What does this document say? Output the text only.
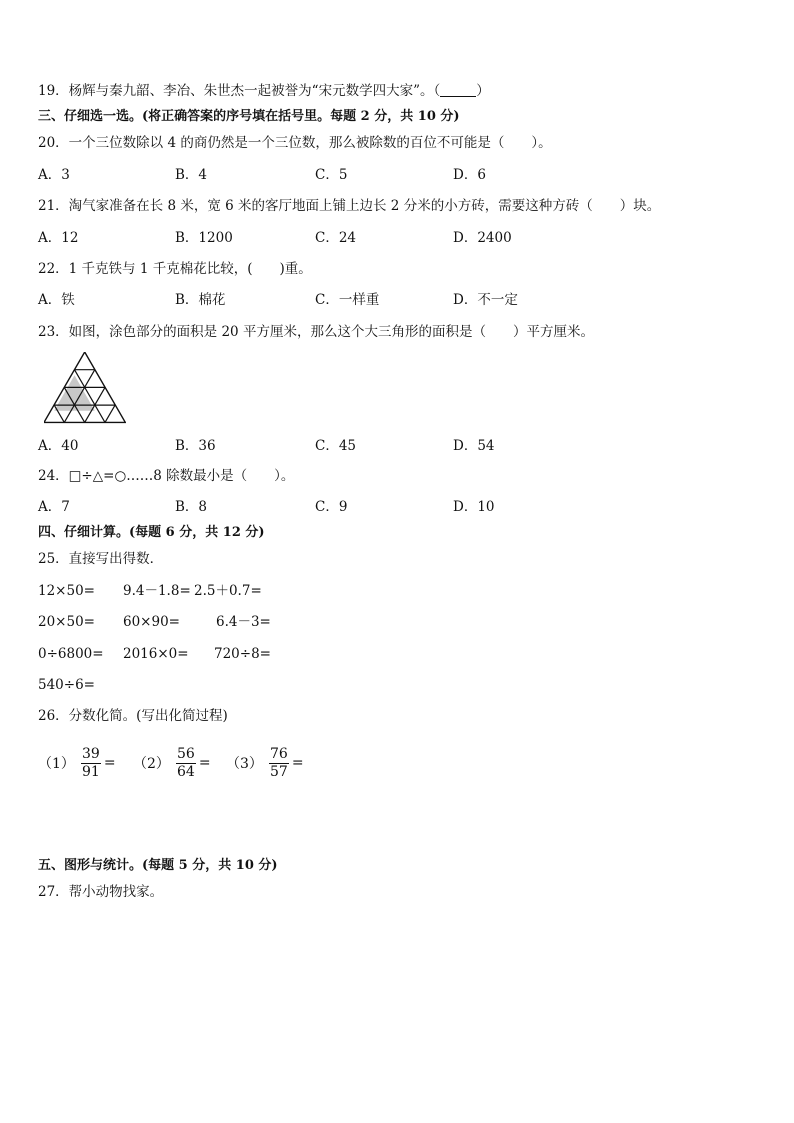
19．杨辉与秦九韶、李冶、朱世杰一起被誉为“宋元数学四大家”。（	）
三、仔细选一选。(将正确答案的序号填在括号里。每题 2 分，共 10 分)
20．一个三位数除以 4 的商仍然是一个三位数，那么被除数的百位不可能是（　　）。
A．3	B．4	C．5	D．6
21．淘气家准备在长 8 米，宽 6 米的客厅地面上铺上边长 2 分米的小方砖，需要这种方砖（　　）块。
A．12	B．1200	C．24	D．2400
22．1 千克铁与 1 千克棉花比较，(　　)重。
A．铁	B．棉花	C．一样重	D．不一定
23．如图，涂色部分的面积是 20 平方厘米，那么这个大三角形的面积是（　　）平方厘米。
A．40	B．36	C．45	D．54
24．□÷△=○……8 除数最小是（　　）。
A．7	B．8	C．9	D．10
四、仔细计算。(每题 6 分，共 12 分)
25．直接写出得数．
12×50= 9.4－1.8= 2.5＋0.7=
20×50= 60×90=	6.4－3=
0÷6800= 2016×0= 720÷8=
540÷6=
26．分数化简。(写出化简过程)
$(1) \frac{39}{91} = (2) \frac{56}{64} = (3) \frac{76}{57}$ =
五、图形与统计。(每题 5 分，共 10 分)
27．帮小动物找家。
